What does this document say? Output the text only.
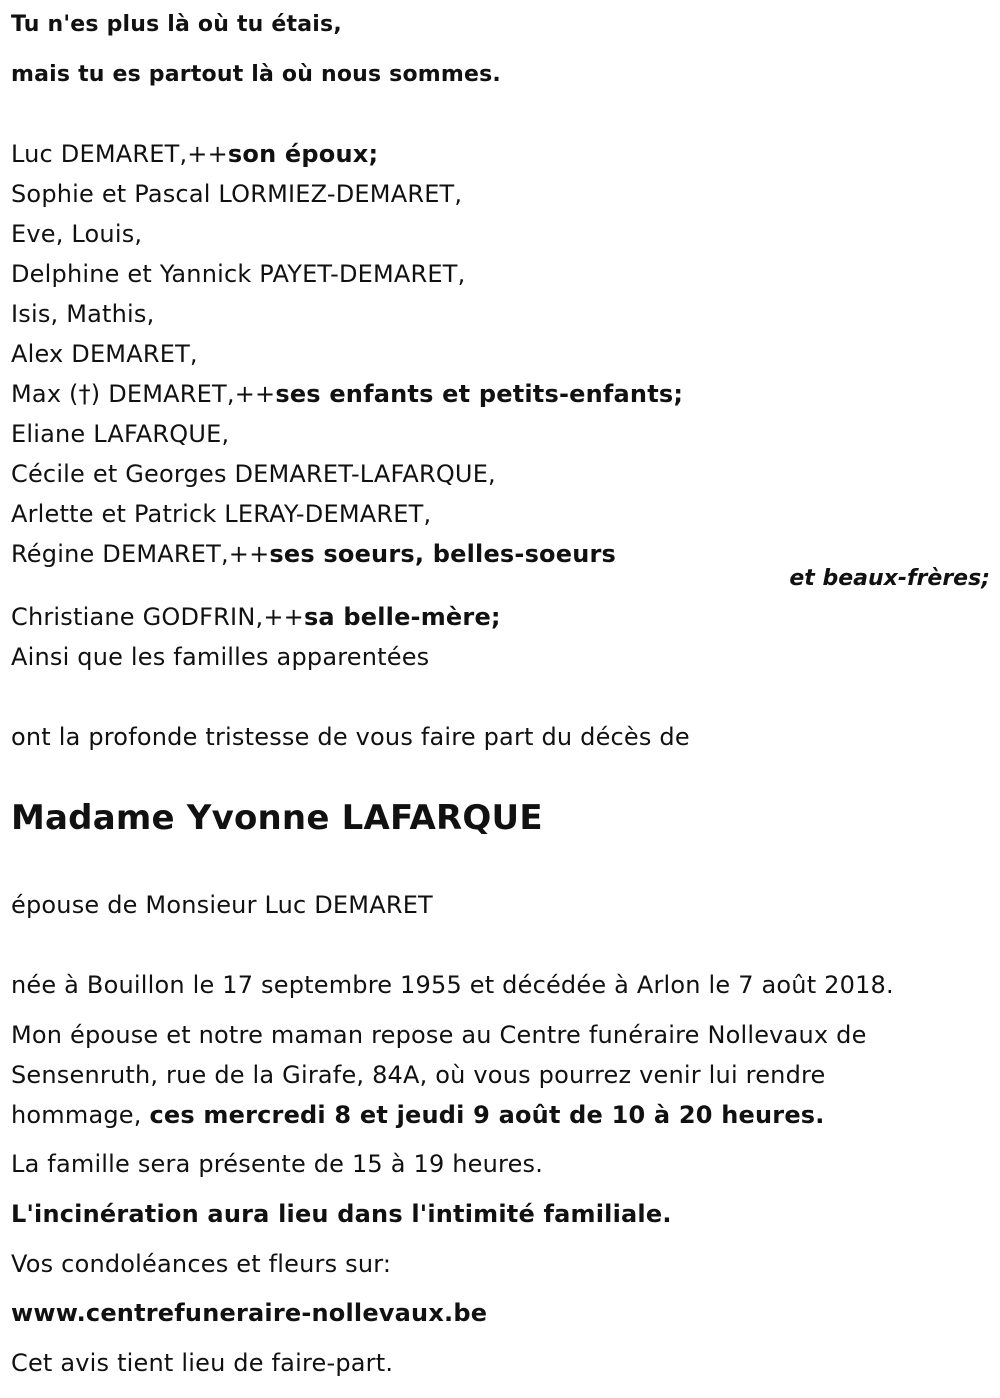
Tu n'es plus là où tu étais,
mais tu es partout là où nous sommes.
Luc DEMARET,++son époux;
Sophie et Pascal LORMIEZ-DEMARET,
Eve, Louis,
Delphine et Yannick PAYET-DEMARET,
Isis, Mathis,
Alex DEMARET,
Max (†) DEMARET,++ses enfants et petits-enfants;
Eliane LAFARQUE,
Cécile et Georges DEMARET-LAFARQUE,
Arlette et Patrick LERAY-DEMARET,
Régine DEMARET,++ses soeurs, belles-soeurs
et beaux-frères;
Christiane GODFRIN,++sa belle-mère;
Ainsi que les familles apparentées
ont la profonde tristesse de vous faire part du décès de
Madame Yvonne LAFARQUE
épouse de Monsieur Luc DEMARET
née à Bouillon le 17 septembre 1955 et décédée à Arlon le 7 août 2018.
Mon épouse et notre maman repose au Centre funéraire Nollevaux de
Sensenruth, rue de la Girafe, 84A, où vous pourrez venir lui rendre
hommage, ces mercredi 8 et jeudi 9 août de 10 à 20 heures.
La famille sera présente de 15 à 19 heures.
L'incinération aura lieu dans l'intimité familiale.
Vos condoléances et fleurs sur:
www.centrefuneraire-nollevaux.be
Cet avis tient lieu de faire-part.
